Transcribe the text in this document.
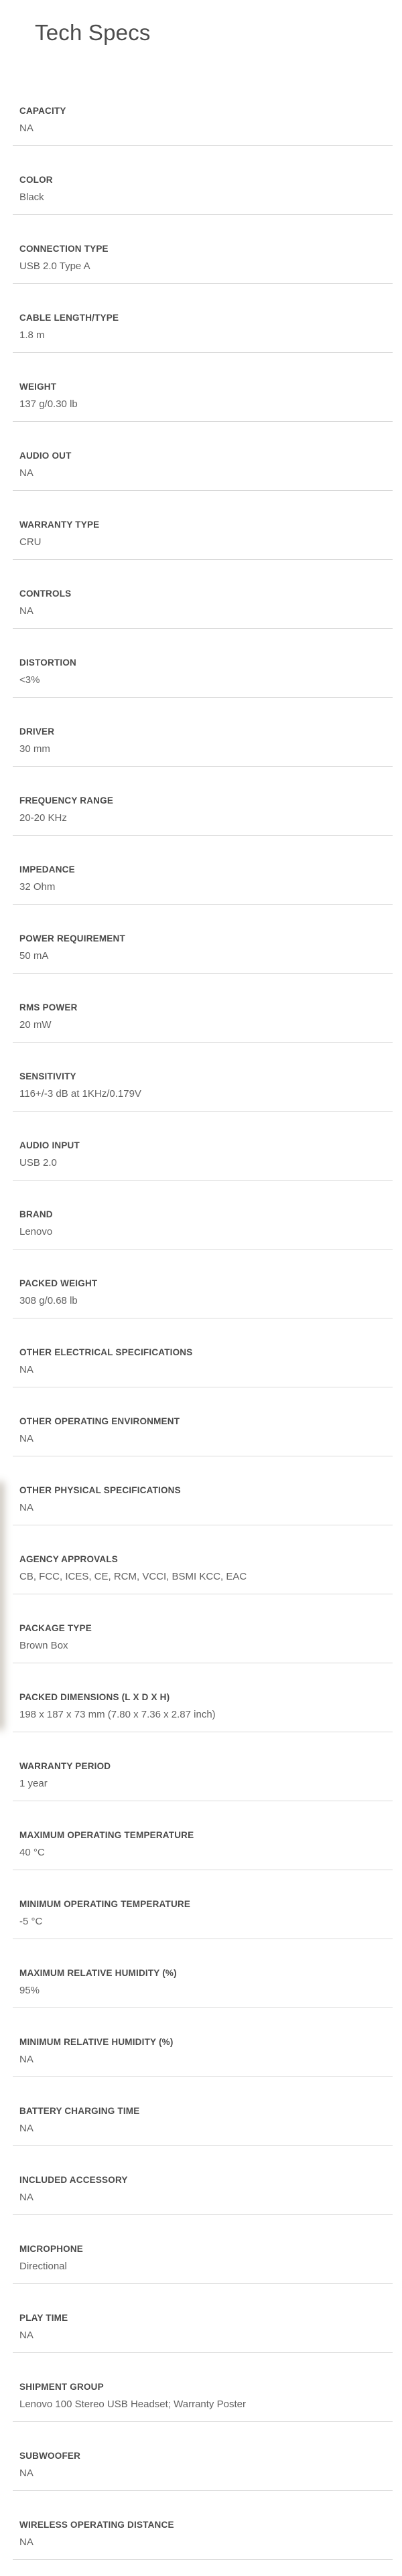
Tech Specs
CAPACITY
NA
COLOR
Black
CONNECTION TYPE
USB 2.0 Type A
CABLE LENGTH/TYPE
1.8 m
WEIGHT
137 g/0.30 lb
AUDIO OUT
NA
WARRANTY TYPE
CRU
CONTROLS
NA
DISTORTION
<3%
DRIVER
30 mm
FREQUENCY RANGE
20-20 KHz
IMPEDANCE
32 Ohm
POWER REQUIREMENT
50 mA
RMS POWER
20 mW
SENSITIVITY
116+/-3 dB at 1KHz/0.179V
AUDIO INPUT
USB 2.0
BRAND
Lenovo
PACKED WEIGHT
308 g/0.68 lb
OTHER ELECTRICAL SPECIFICATIONS
NA
OTHER OPERATING ENVIRONMENT
NA
OTHER PHYSICAL SPECIFICATIONS
NA
AGENCY APPROVALS
CB, FCC, ICES, CE, RCM, VCCI, BSMI KCC, EAC
PACKAGE TYPE
Brown Box
PACKED DIMENSIONS (L X D X H)
198 x 187 x 73 mm (7.80 x 7.36 x 2.87 inch)
WARRANTY PERIOD
1 year
MAXIMUM OPERATING TEMPERATURE
40 °C
MINIMUM OPERATING TEMPERATURE
-5 °C
MAXIMUM RELATIVE HUMIDITY (%)
95%
MINIMUM RELATIVE HUMIDITY (%)
NA
BATTERY CHARGING TIME
NA
INCLUDED ACCESSORY
NA
MICROPHONE
Directional
PLAY TIME
NA
SHIPMENT GROUP
Lenovo 100 Stereo USB Headset; Warranty Poster
SUBWOOFER
NA
WIRELESS OPERATING DISTANCE
NA
